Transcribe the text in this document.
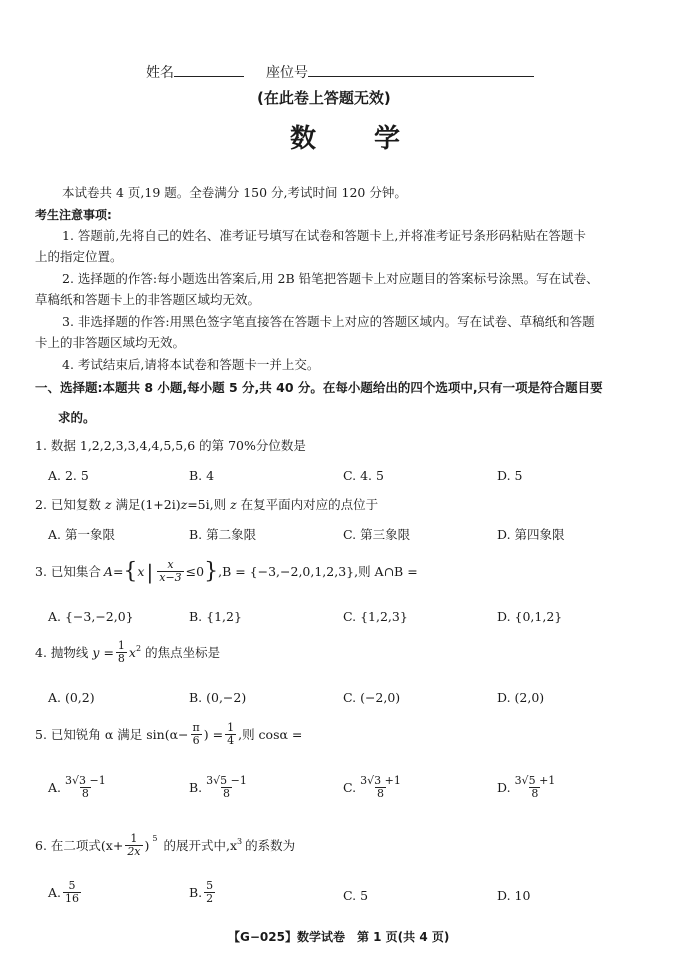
姓名	座位号
(在此卷上答题无效)
数　　学
本试卷共 4 页,19 题。全卷满分 150 分,考试时间 120 分钟。
考生注意事项:
1. 答题前,先将自己的姓名、准考证号填写在试卷和答题卡上,并将准考证号条形码粘贴在答题卡
上的指定位置。
2. 选择题的作答:每小题选出答案后,用 2B 铅笔把答题卡上对应题目的答案标号涂黑。写在试卷、
草稿纸和答题卡上的非答题区域均无效。
3. 非选择题的作答:用黑色签字笔直接答在答题卡上对应的答题区域内。写在试卷、草稿纸和答题
卡上的非答题区域均无效。
4. 考试结束后,请将本试卷和答题卡一并上交。
一、选择题:本题共 8 小题,每小题 5 分,共 40 分。在每小题给出的四个选项中,只有一项是符合题目要
求的。
1. 数据 1,2,2,3,3,4,4,5,5,6 的第 70%分位数是
A. 2. 5	B. 4	C. 4. 5	D. 5
2. 已知复数 z 满足(1+2i)z=5i,则 z 在复平面内对应的点位于
A. 第一象限	B. 第二象限	C. 第三象限	D. 第四象限
3. 已知集合 A = { x | $\frac{x}{x-3} \le 0$ } ,B = {−3,−2,0,1,2,3},则 A∩B =
A. {−3,−2,0}	B. {1,2}	C. {1,2,3}	D. {0,1,2}
4. 抛物线 $y = \frac{1}{8} x^2$ 的焦点坐标是
A. (0,2)	B. (0,−2)	C. (−2,0)	D. (2,0)
5. 已知锐角 α 满足 $\sin(\alpha- \frac{\pi}{6}$ ) = $\frac{1}{4}$ ,则 cosα =
A. $\frac{3√3 -1}{8}$	B. $\frac{3√5 -1}{8}$	C. $\frac{3√3 +1}{8}$	D. $\frac{3√5 +1}{8}$
6. 在二项式($x+ \frac{1}{2x}$ ) $^5$ 的展开式中$,x^3$ 的系数为
A. $\frac{5}{16}$	B. $\frac{5}{2}$	C. 5	D. 10
【G−025】数学试卷　第 1 页(共 4 页)
